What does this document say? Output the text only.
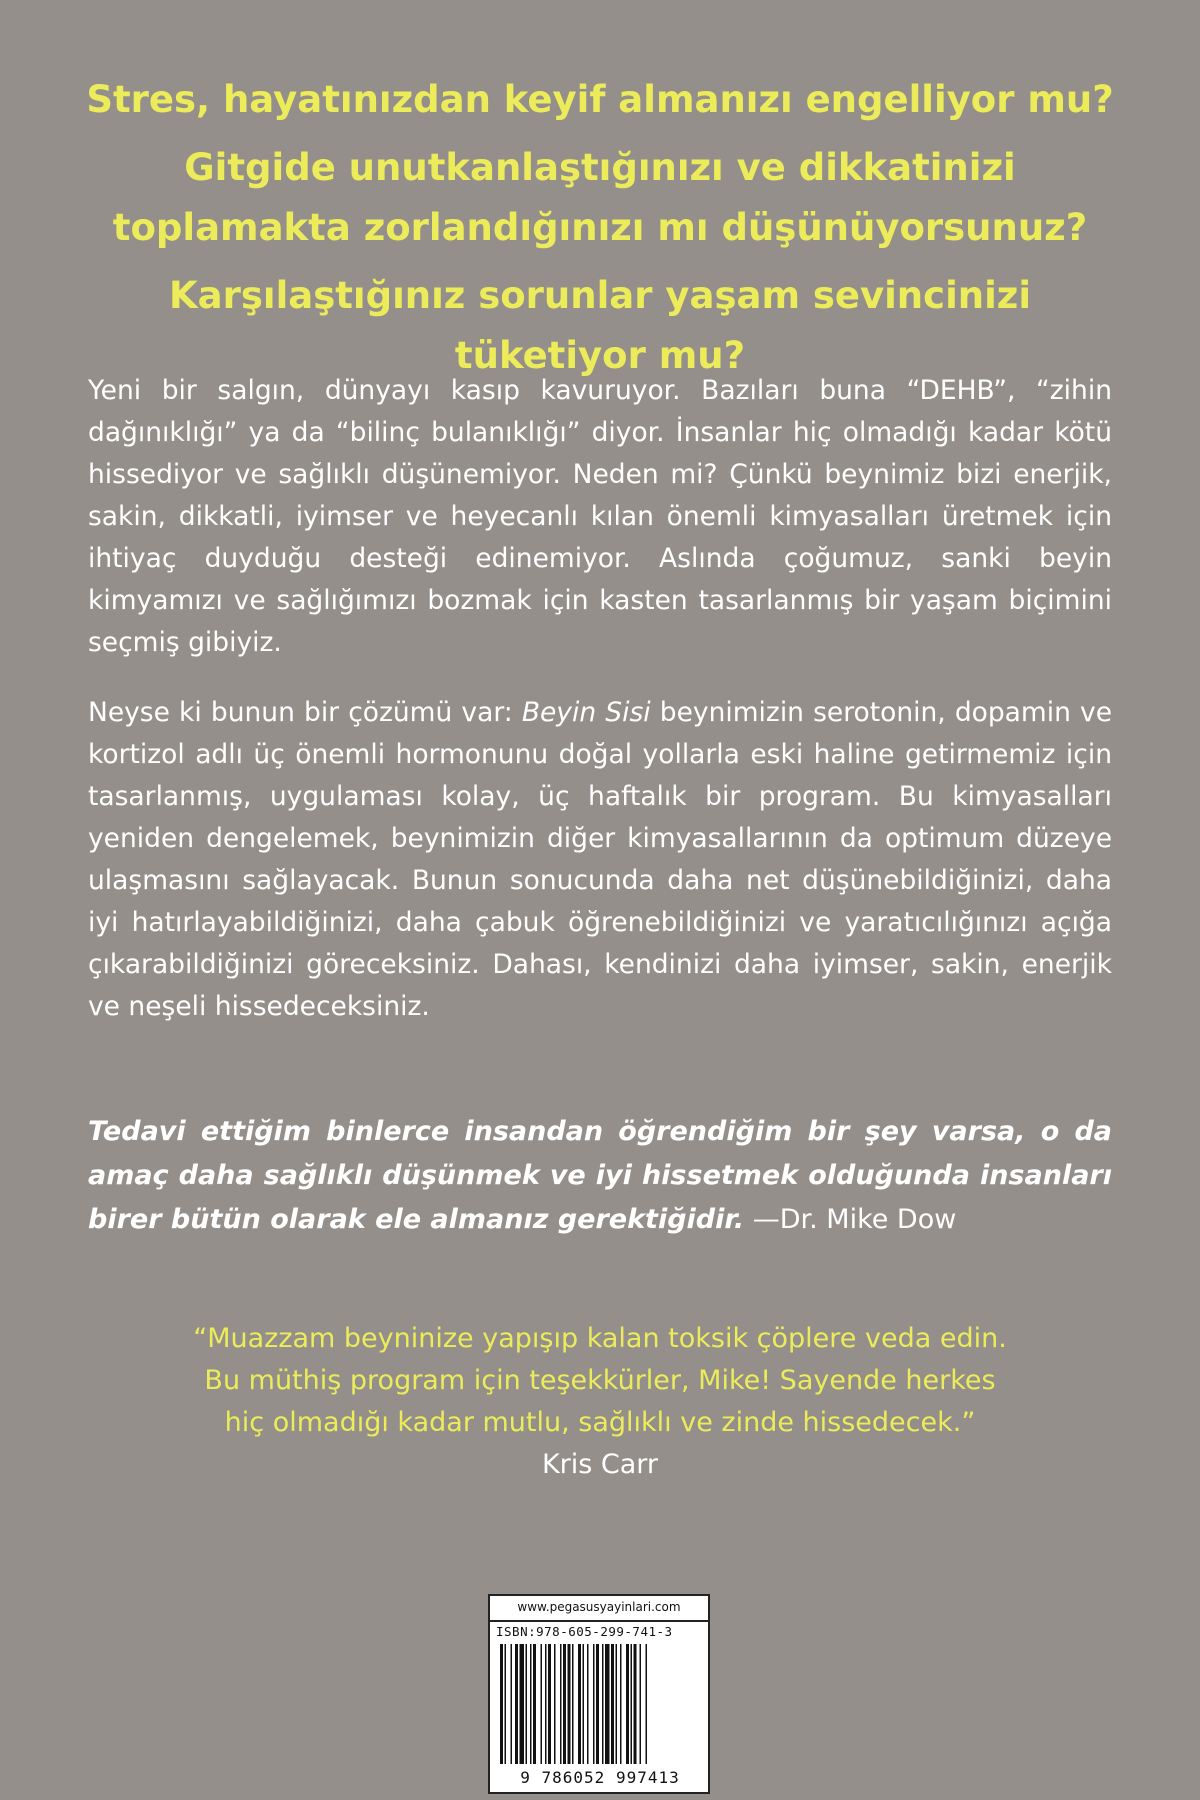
Stres, hayatınızdan keyif almanızı engelliyor mu?

Gitgide unutkanlaştığınızı ve dikkatinizi toplamakta zorlandığınızı mı düşünüyorsunuz?

Karşılaştığınız sorunlar yaşam sevincinizi tüketiyor mu?

Yeni bir salgın, dünyayı kasıp kavuruyor. Bazıları buna “DEHB”, “zihin dağınıklığı” ya da “bilinç bulanıklığı” diyor. İnsanlar hiç olmadığı kadar kötü hissediyor ve sağlıklı düşünemiyor. Neden mi? Çünkü beynimiz bizi enerjik, sakin, dikkatli, iyimser ve heyecanlı kılan önemli kimyasalları üretmek için ihtiyaç duyduğu desteği edinemiyor. Aslında çoğumuz, sanki beyin kimyamızı ve sağlığımızı bozmak için kasten tasarlanmış bir yaşam biçimini seçmiş gibiyiz.
Neyse ki bunun bir çözümü var: Beyin Sisi beynimizin serotonin, dopamin ve kortizol adlı üç önemli hormonunu doğal yollarla eski haline getirmemiz için tasarlanmış, uygulaması kolay, üç haftalık bir program. Bu kimyasalları yeniden dengelemek, beynimizin diğer kimyasallarının da optimum düzeye ulaşmasını sağlayacak. Bunun sonucunda daha net düşünebildiğinizi, daha iyi hatırlayabildiğinizi, daha çabuk öğrenebildiğinizi ve yaratıcılığınızı açığa çıkarabildiğinizi göreceksiniz. Dahası, kendinizi daha iyimser, sakin, enerjik ve neşeli hissedeceksiniz.
Tedavi ettiğim binlerce insandan öğrendiğim bir şey varsa, o da amaç daha sağlıklı düşünmek ve iyi hissetmek olduğunda insanları birer bütün olarak ele almanız gerektiğidir. —Dr. Mike Dow
“Muazzam beyninize yapışıp kalan toksik çöplere veda edin.
Bu müthiş program için teşekkürler, Mike! Sayende herkes
hiç olmadığı kadar mutlu, sağlıklı ve zinde hissedecek.”
Kris Carr
www.pegasusyayinlari.com
ISBN:978-605-299-741-3
9 786052 997413
